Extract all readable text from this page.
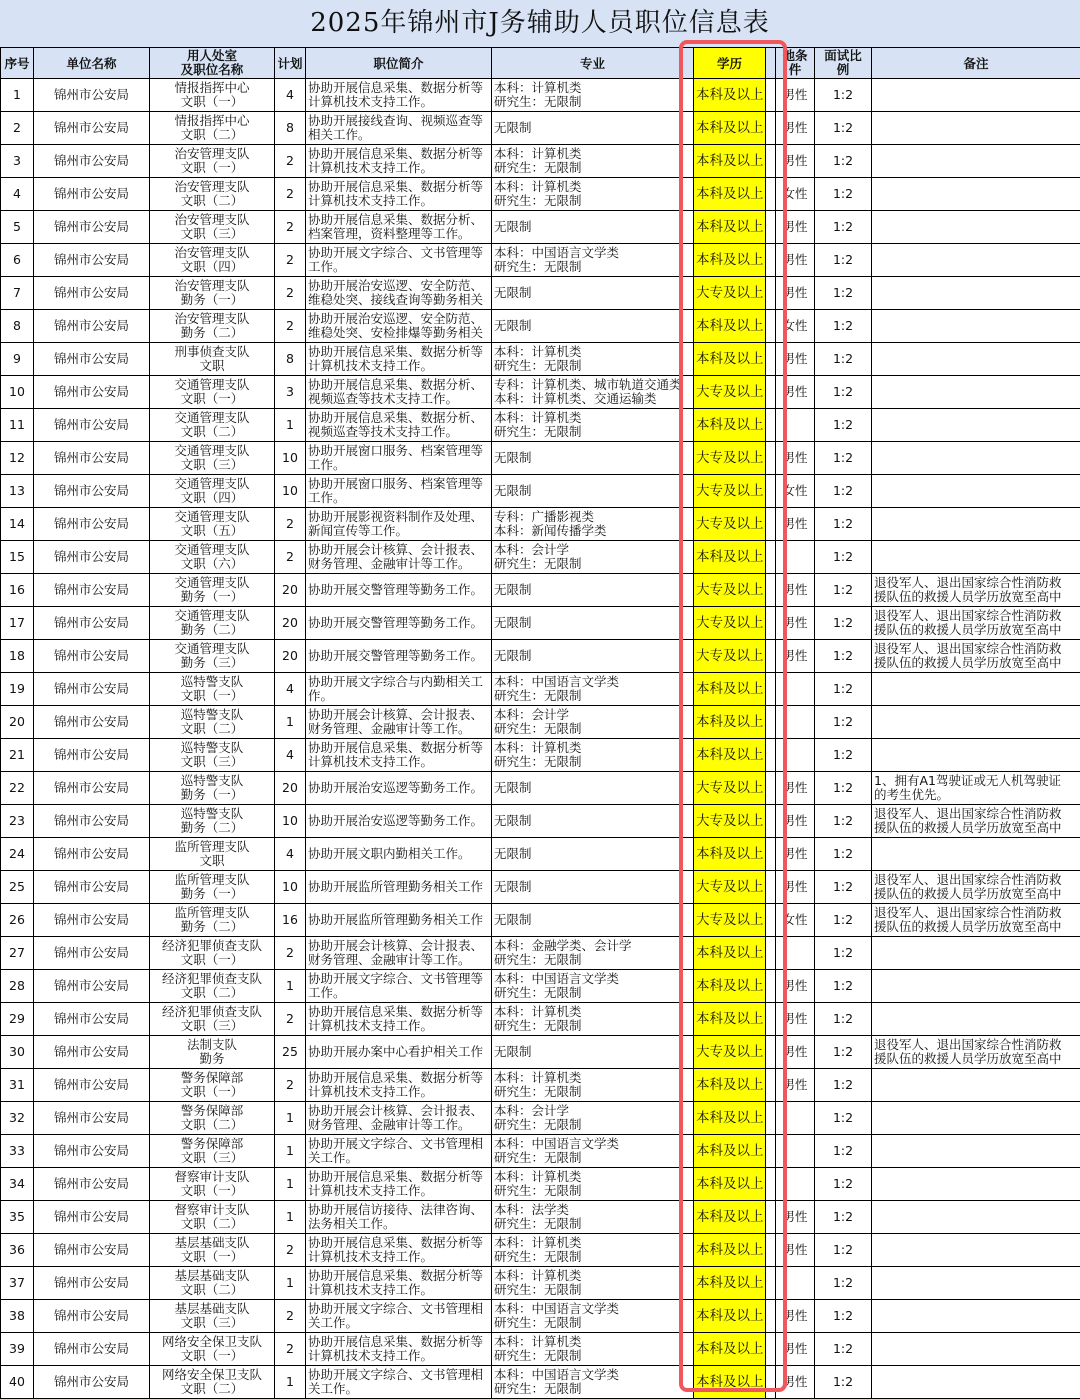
2025年锦州市J务辅助人员职位信息表
序号	单位名称	用人处室
及职位名称	计划	职位简介	专业	学历		他条
件	面试比
例	备注
1	锦州市公安局	情报指挥中心
文职（一）	4	协助开展信息采集、数据分析等
计算机技术支持工作。	本科：计算机类
研究生：无限制	本科及以上		男性	1:2	
2	锦州市公安局	情报指挥中心
文职（二）	8	协助开展接线查询、视频巡查等
相关工作。	无限制	本科及以上		男性	1:2	
3	锦州市公安局	治安管理支队
文职（一）	2	协助开展信息采集、数据分析等
计算机技术支持工作。	本科：计算机类
研究生：无限制	本科及以上		男性	1:2	
4	锦州市公安局	治安管理支队
文职（二）	2	协助开展信息采集、数据分析等
计算机技术支持工作。	本科：计算机类
研究生：无限制	本科及以上		女性	1:2	
5	锦州市公安局	治安管理支队
文职（三）	2	协助开展信息采集、数据分析、
档案管理，资料整理等工作。	无限制	本科及以上		男性	1:2	
6	锦州市公安局	治安管理支队
文职（四）	2	协助开展文字综合、文书管理等
工作。	本科：中国语言文学类
研究生：无限制	本科及以上		男性	1:2	
7	锦州市公安局	治安管理支队
勤务（一）	2	协助开展治安巡逻、安全防范、
维稳处突、接线查询等勤务相关	无限制	大专及以上		男性	1:2	
8	锦州市公安局	治安管理支队
勤务（二）	2	协助开展治安巡逻、安全防范、
维稳处突、安检排爆等勤务相关	无限制	本科及以上		女性	1:2	
9	锦州市公安局	刑事侦查支队
文职	8	协助开展信息采集、数据分析等
计算机技术支持工作。	本科：计算机类
研究生：无限制	本科及以上		男性	1:2	
10	锦州市公安局	交通管理支队
文职（一）	3	协助开展信息采集、数据分析、
视频巡查等技术支持工作。	专科：计算机类、城市轨道交通类
本科：计算机类、交通运输类	大专及以上		男性	1:2	
11	锦州市公安局	交通管理支队
文职（二）	1	协助开展信息采集、数据分析、
视频巡查等技术支持工作。	本科：计算机类
研究生：无限制	本科及以上			1:2	
12	锦州市公安局	交通管理支队
文职（三）	10	协助开展窗口服务、档案管理等
工作。	无限制	大专及以上		男性	1:2	
13	锦州市公安局	交通管理支队
文职（四）	10	协助开展窗口服务、档案管理等
工作。	无限制	大专及以上		女性	1:2	
14	锦州市公安局	交通管理支队
文职（五）	2	协助开展影视资料制作及处理、
新闻宣传等工作。	专科：广播影视类
本科：新闻传播学类	大专及以上		男性	1:2	
15	锦州市公安局	交通管理支队
文职（六）	2	协助开展会计核算、会计报表、
财务管理、金融审计等工作。	本科：会计学
研究生：无限制	本科及以上			1:2	
16	锦州市公安局	交通管理支队
勤务（一）	20	协助开展交警管理等勤务工作。	无限制	大专及以上		男性	1:2	退役军人、退出国家综合性消防救
援队伍的救援人员学历放宽至高中

17	锦州市公安局	交通管理支队
勤务（二）	20	协助开展交警管理等勤务工作。	无限制	大专及以上		男性	1:2	退役军人、退出国家综合性消防救
援队伍的救援人员学历放宽至高中

18	锦州市公安局	交通管理支队
勤务（三）	20	协助开展交警管理等勤务工作。	无限制	大专及以上		男性	1:2	退役军人、退出国家综合性消防救
援队伍的救援人员学历放宽至高中

19	锦州市公安局	巡特警支队
文职（一）	4	协助开展文字综合与内勤相关工
作。	本科：中国语言文学类
研究生：无限制	本科及以上			1:2	
20	锦州市公安局	巡特警支队
文职（二）	1	协助开展会计核算、会计报表、
财务管理、金融审计等工作。	本科：会计学
研究生：无限制	本科及以上			1:2	
21	锦州市公安局	巡特警支队
文职（三）	4	协助开展信息采集、数据分析等
计算机技术支持工作。	本科：计算机类
研究生：无限制	本科及以上			1:2	
22	锦州市公安局	巡特警支队
勤务（一）	20	协助开展治安巡逻等勤务工作。	无限制	大专及以上		男性	1:2	1、拥有A1驾驶证或无人机驾驶证
的考生优先。

23	锦州市公安局	巡特警支队
勤务（二）	10	协助开展治安巡逻等勤务工作。	无限制	大专及以上		男性	1:2	退役军人、退出国家综合性消防救
援队伍的救援人员学历放宽至高中

24	锦州市公安局	监所管理支队
文职	4	协助开展文职内勤相关工作。	无限制	本科及以上		男性	1:2	
25	锦州市公安局	监所管理支队
勤务（一）	10	协助开展监所管理勤务相关工作	无限制	大专及以上		男性	1:2	退役军人、退出国家综合性消防救
援队伍的救援人员学历放宽至高中

26	锦州市公安局	监所管理支队
勤务（二）	16	协助开展监所管理勤务相关工作	无限制	大专及以上		女性	1:2	退役军人、退出国家综合性消防救
援队伍的救援人员学历放宽至高中

27	锦州市公安局	经济犯罪侦查支队
文职（一）	2	协助开展会计核算、会计报表、
财务管理、金融审计等工作。	本科：金融学类、会计学
研究生：无限制	本科及以上			1:2	
28	锦州市公安局	经济犯罪侦查支队
文职（二）	1	协助开展文字综合、文书管理等
工作。	本科：中国语言文学类
研究生：无限制	本科及以上		男性	1:2	
29	锦州市公安局	经济犯罪侦查支队
文职（三）	2	协助开展信息采集、数据分析等
计算机技术支持工作。	本科：计算机类
研究生：无限制	本科及以上		男性	1:2	
30	锦州市公安局	法制支队
勤务	25	协助开展办案中心看护相关工作	无限制	大专及以上		男性	1:2	退役军人、退出国家综合性消防救
援队伍的救援人员学历放宽至高中

31	锦州市公安局	警务保障部
文职（一）	2	协助开展信息采集、数据分析等
计算机技术支持工作。	本科：计算机类
研究生：无限制	本科及以上		男性	1:2	
32	锦州市公安局	警务保障部
文职（二）	1	协助开展会计核算、会计报表、
财务管理、金融审计等工作。	本科：会计学
研究生：无限制	本科及以上			1:2	
33	锦州市公安局	警务保障部
文职（三）	1	协助开展文字综合、文书管理相
关工作。	本科：中国语言文学类
研究生：无限制	本科及以上			1:2	
34	锦州市公安局	督察审计支队
文职（一）	1	协助开展信息采集、数据分析等
计算机技术支持工作。	本科：计算机类
研究生：无限制	本科及以上			1:2	
35	锦州市公安局	督察审计支队
文职（二）	1	协助开展信访接待、法律咨询、
法务相关工作。	本科：法学类
研究生：无限制	本科及以上		男性	1:2	
36	锦州市公安局	基层基础支队
文职（一）	2	协助开展信息采集、数据分析等
计算机技术支持工作。	本科：计算机类
研究生：无限制	本科及以上		男性	1:2	
37	锦州市公安局	基层基础支队
文职（二）	1	协助开展信息采集、数据分析等
计算机技术支持工作。	本科：计算机类
研究生：无限制	本科及以上			1:2	
38	锦州市公安局	基层基础支队
文职（三）	2	协助开展文字综合、文书管理相
关工作。	本科：中国语言文学类
研究生：无限制	本科及以上		男性	1:2	
39	锦州市公安局	网络安全保卫支队
文职（一）	2	协助开展信息采集、数据分析等
计算机技术支持工作。	本科：计算机类
研究生：无限制	本科及以上		男性	1:2	
40	锦州市公安局	网络安全保卫支队
文职（二）	1	协助开展文字综合、文书管理相
关工作。	本科：中国语言文学类
研究生：无限制	本科及以上		男性	1:2	
